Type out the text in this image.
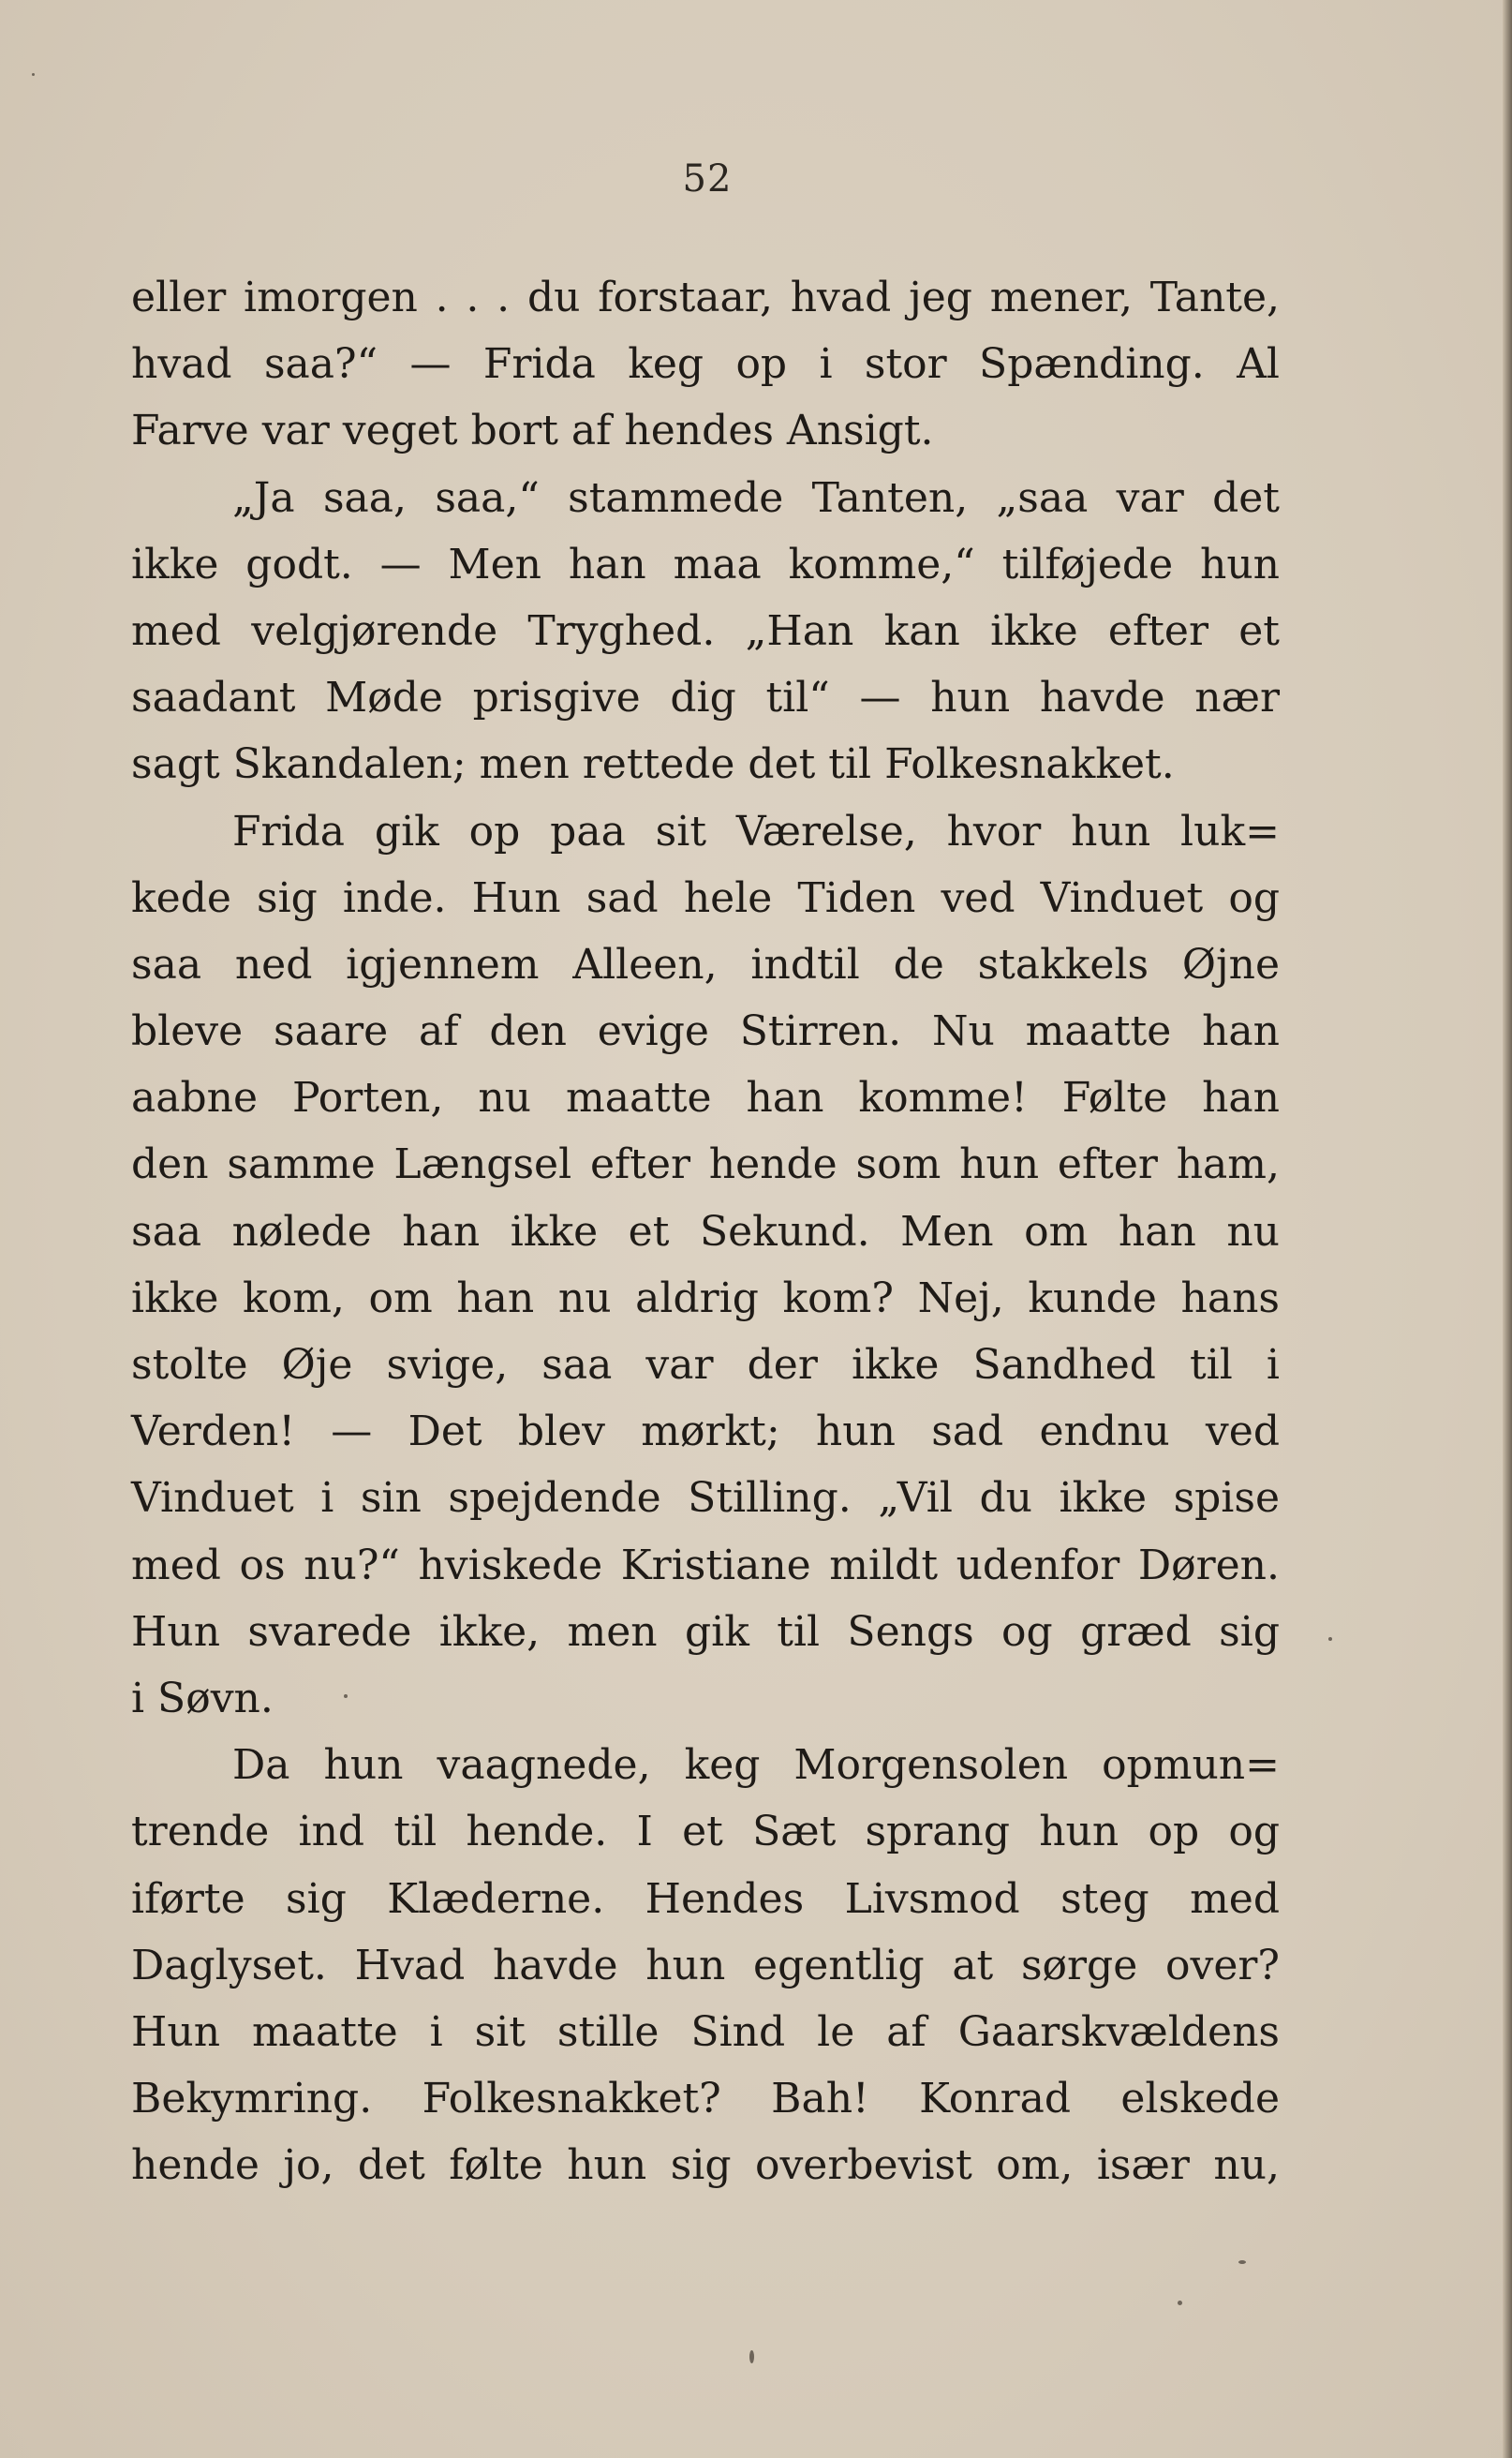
52
eller imorgen . . . du forstaar, hvad jeg mener, Tante,
hvad saa?“ — Frida keg op i stor Spænding. Al
Farve var veget bort af hendes Ansigt.
„Ja saa, saa,“ stammede Tanten, „saa var det
ikke godt. — Men han maa komme,“ tilføjede hun
med velgjørende Tryghed. „Han kan ikke efter et
saadant Møde prisgive dig til“ — hun havde nær
sagt Skandalen; men rettede det til Folkesnakket.
Frida gik op paa sit Værelse, hvor hun luk=
kede sig inde. Hun sad hele Tiden ved Vinduet og
saa ned igjennem Alleen, indtil de stakkels Øjne
bleve saare af den evige Stirren. Nu maatte han
aabne Porten, nu maatte han komme! Følte han
den samme Længsel efter hende som hun efter ham,
saa nølede han ikke et Sekund. Men om han nu
ikke kom, om han nu aldrig kom? Nej, kunde hans
stolte Øje svige, saa var der ikke Sandhed til i
Verden! — Det blev mørkt; hun sad endnu ved
Vinduet i sin spejdende Stilling. „Vil du ikke spise
med os nu?“ hviskede Kristiane mildt udenfor Døren.
Hun svarede ikke, men gik til Sengs og græd sig
i Søvn.
Da hun vaagnede, keg Morgensolen opmun=
trende ind til hende. I et Sæt sprang hun op og
iførte sig Klæderne. Hendes Livsmod steg med
Daglyset. Hvad havde hun egentlig at sørge over?
Hun maatte i sit stille Sind le af Gaarskvældens
Bekymring. Folkesnakket? Bah! Konrad elskede
hende jo, det følte hun sig overbevist om, især nu,
